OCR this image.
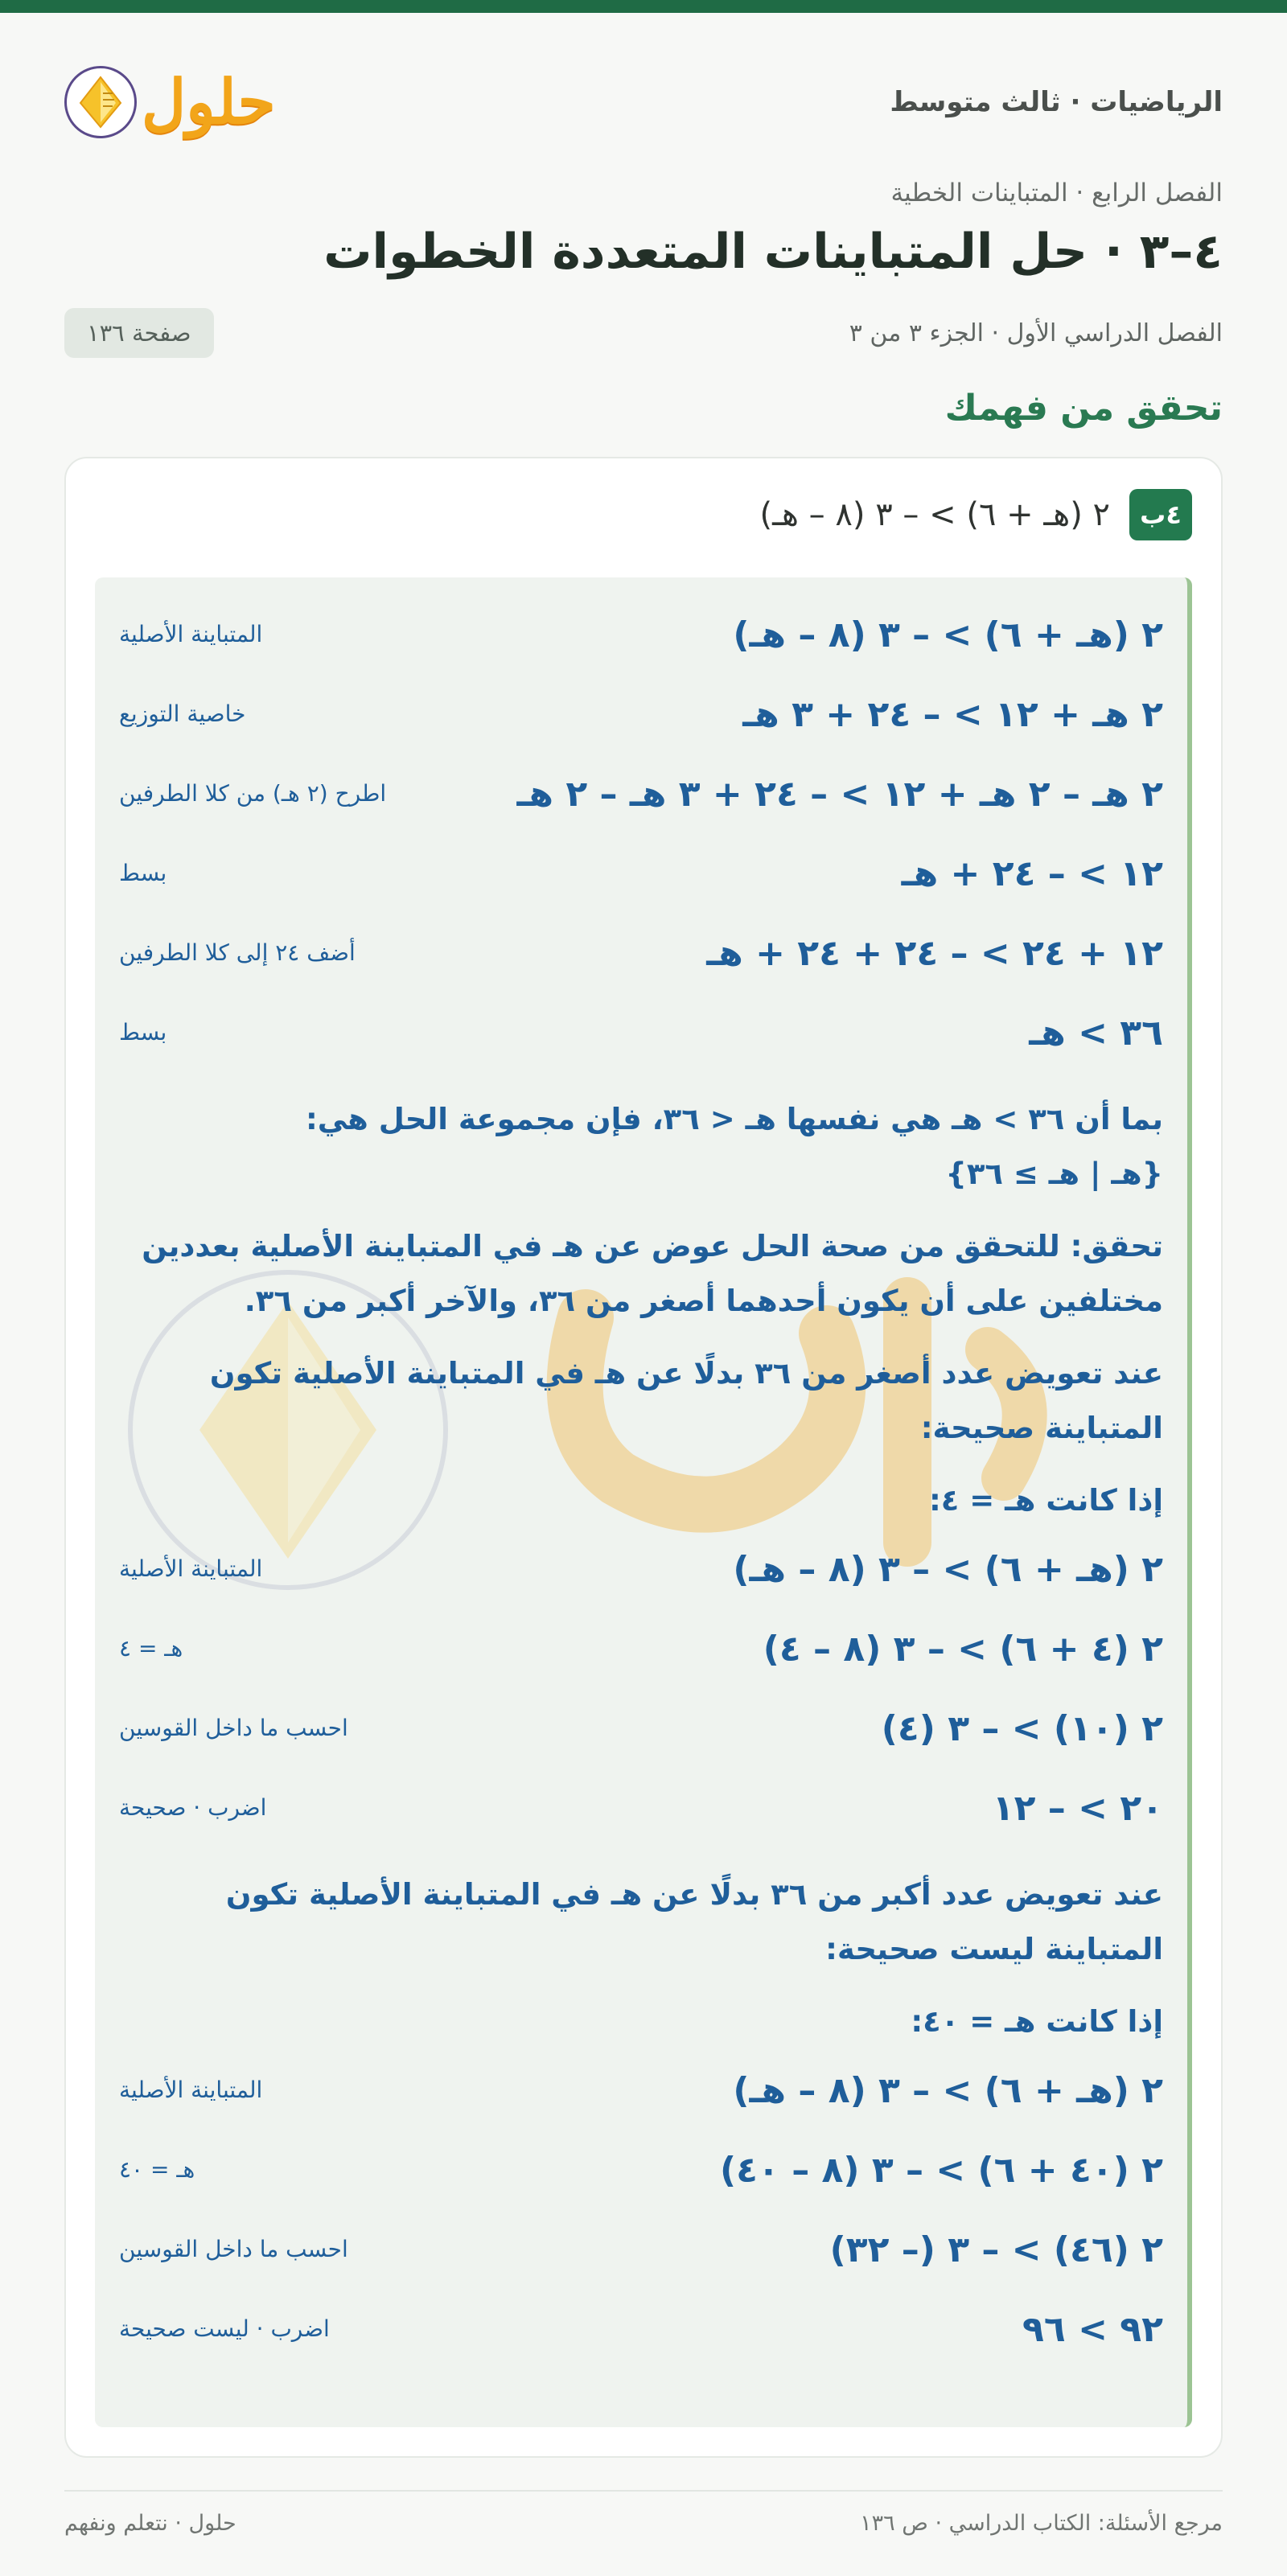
الرياضيات · ثالث متوسط
حلول
الفصل الرابع · المتباينات الخطية
٤–٣ · حل المتباينات المتعددة الخطوات
الفصل الدراسي الأول · الجزء ٣ من ٣
صفحة ١٣٦
تحقق من فهمك
٤ب
٢ (هـ + ٦) > – ٣ (٨ – هـ)
٢ (هـ + ٦) > – ٣ (٨ – هـ)
المتباينة الأصلية
٢ هـ + ١٢ > – ٢٤ + ٣ هـ
خاصية التوزيع
٢ هـ – ٢ هـ + ١٢ > – ٢٤ + ٣ هـ – ٢ هـ
اطرح (٢ هـ) من كلا الطرفين
١٢ > – ٢٤ + هـ
بسط
١٢ + ٢٤ > – ٢٤ + ٢٤ + هـ
أضف ٢٤ إلى كلا الطرفين
٣٦ > هـ
بسط

بما أن ٣٦ > هـ هي نفسها هـ < ٣٦، فإن مجموعة الحل هي:

{هـ | هـ ≥ ٣٦}

تحقق: للتحقق من صحة الحل عوض عن هـ في المتباينة الأصلية بعددين مختلفين على أن يكون أحدهما أصغر من ٣٦، والآخر أكبر من ٣٦.

عند تعويض عدد أصغر من ٣٦ بدلًا عن هـ في المتباينة الأصلية تكون المتباينة صحيحة:

إذا كانت هـ = ٤:

٢ (هـ + ٦) > – ٣ (٨ – هـ)
المتباينة الأصلية
٢ (٤ + ٦) > – ٣ (٨ – ٤)
هـ = ٤
٢ (١٠) > – ٣ (٤)
احسب ما داخل القوسين
٢٠ > – ١٢
اضرب · صحيحة

عند تعويض عدد أكبر من ٣٦ بدلًا عن هـ في المتباينة الأصلية تكون المتباينة ليست صحيحة:

إذا كانت هـ = ٤٠:

٢ (هـ + ٦) > – ٣ (٨ – هـ)
المتباينة الأصلية
٢ (٤٠ + ٦) > – ٣ (٨ – ٤٠)
هـ = ٤٠
٢ (٤٦) > – ٣ (– ٣٢)
احسب ما داخل القوسين
٩٢ > ٩٦
اضرب · ليست صحيحة
مرجع الأسئلة: الكتاب الدراسي · ص ١٣٦
حلول · نتعلم ونفهم
